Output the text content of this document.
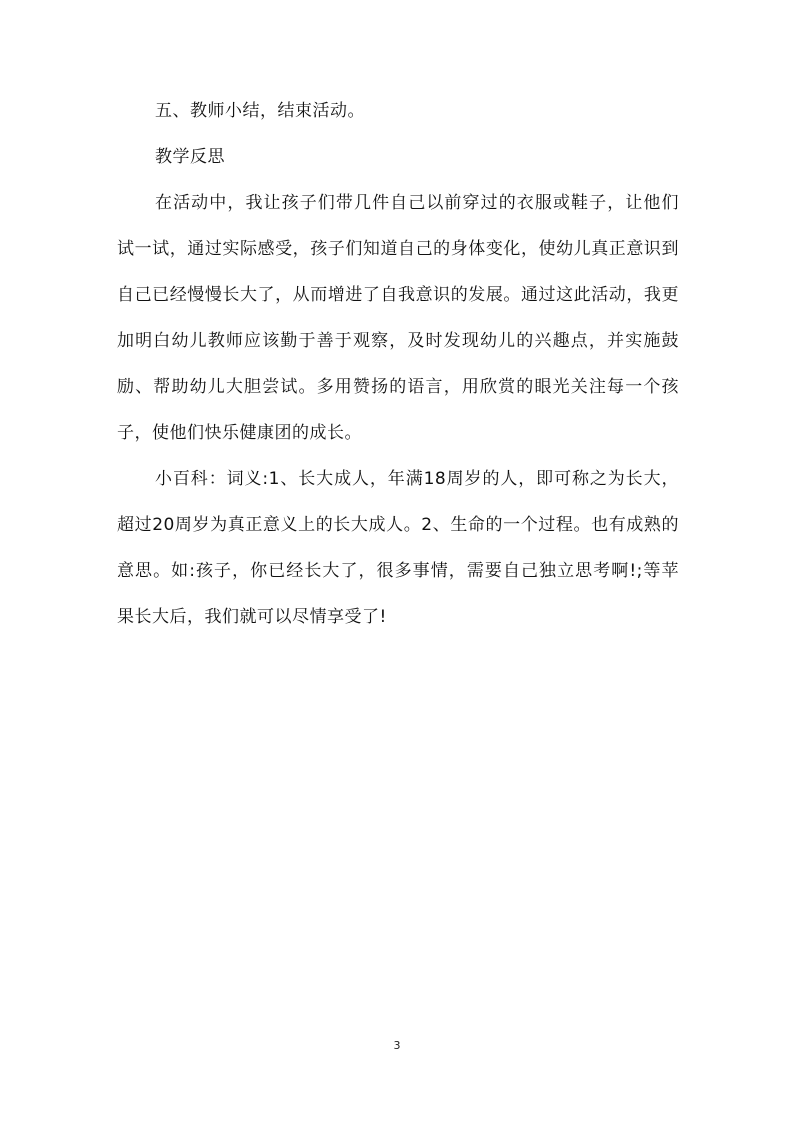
五、教师小结，结束活动。

教学反思

在活动中，我让孩子们带几件自己以前穿过的衣服或鞋子，让他们试一试，通过实际感受，孩子们知道自己的身体变化，使幼儿真正意识到自己已经慢慢长大了，从而增进了自我意识的发展。通过这此活动，我更加明白幼儿教师应该勤于善于观察，及时发现幼儿的兴趣点，并实施鼓励、帮助幼儿大胆尝试。多用赞扬的语言，用欣赏的眼光关注每一个孩子，使他们快乐健康团的成长。

小百科：词义:1、长大成人，年满18周岁的人，即可称之为长大，超过20周岁为真正意义上的长大成人。2、生命的一个过程。也有成熟的意思。如:孩子，你已经长大了，很多事情，需要自己独立思考啊!;等苹果长大后，我们就可以尽情享受了!

3
